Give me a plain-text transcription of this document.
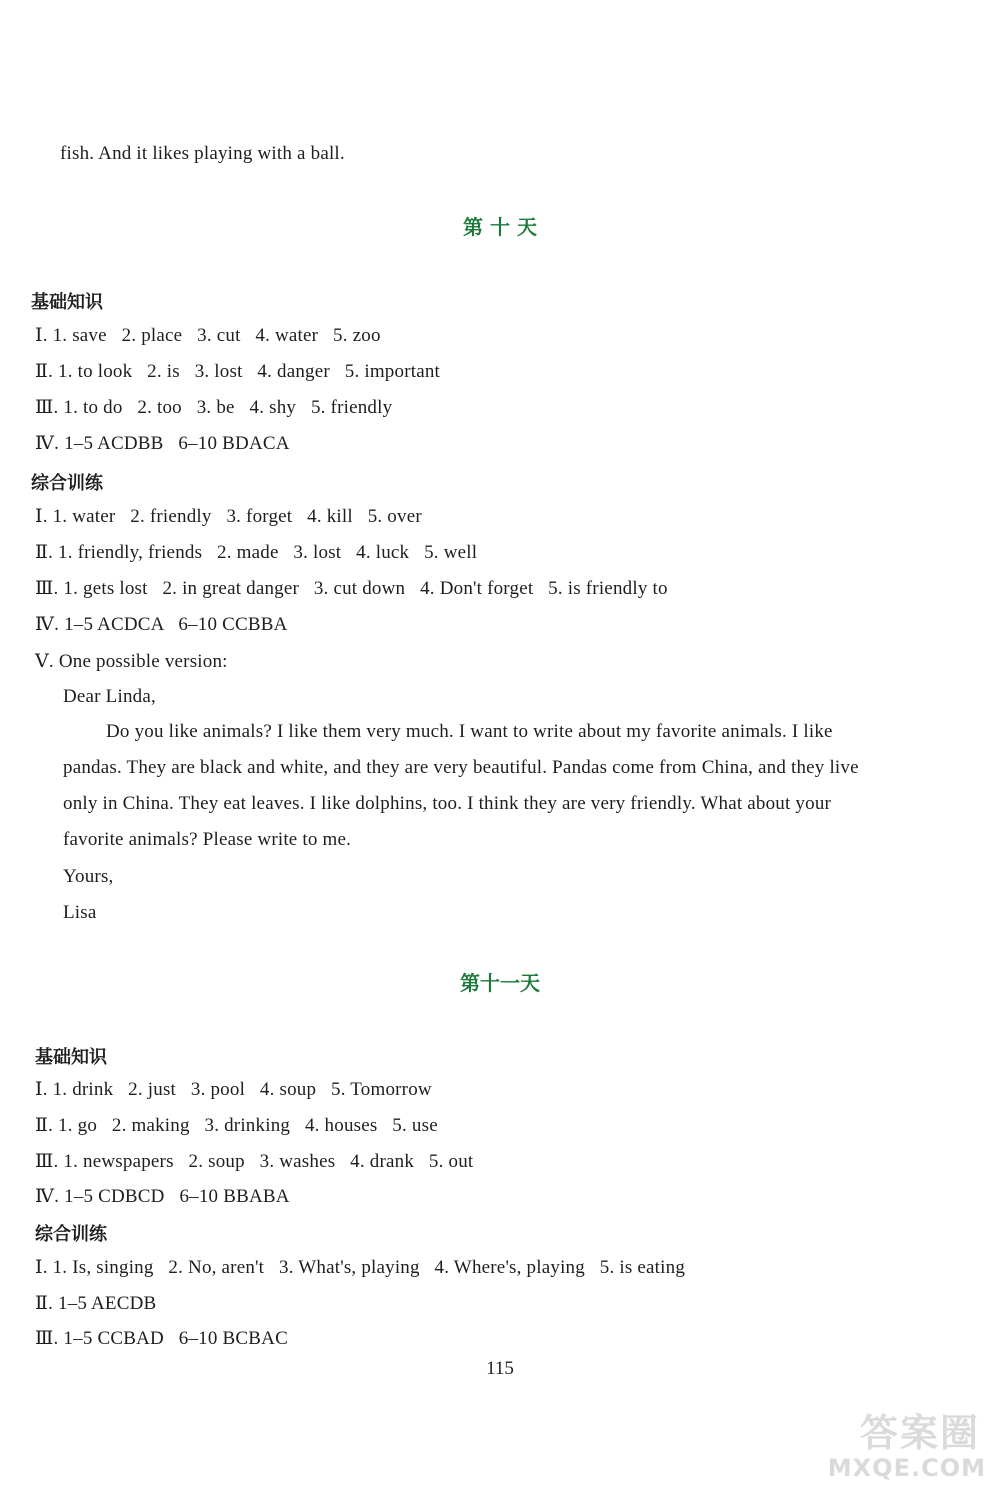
fish. And it likes playing with a ball.
第 十 天
基础知识
Ⅰ. 1. save   2. place   3. cut   4. water   5. zoo
Ⅱ. 1. to look   2. is   3. lost   4. danger   5. important
Ⅲ. 1. to do   2. too   3. be   4. shy   5. friendly
Ⅳ. 1–5 ACDBB   6–10 BDACA
综合训练
Ⅰ. 1. water   2. friendly   3. forget   4. kill   5. over
Ⅱ. 1. friendly, friends   2. made   3. lost   4. luck   5. well
Ⅲ. 1. gets lost   2. in great danger   3. cut down   4. Don't forget   5. is friendly to
Ⅳ. 1–5 ACDCA   6–10 CCBBA
Ⅴ. One possible version:
Dear Linda,
Do you like animals? I like them very much. I want to write about my favorite animals. I like
pandas. They are black and white, and they are very beautiful. Pandas come from China, and they live
only in China. They eat leaves. I like dolphins, too. I think they are very friendly. What about your
favorite animals? Please write to me.
Yours,
Lisa
第十一天
基础知识
Ⅰ. 1. drink   2. just   3. pool   4. soup   5. Tomorrow
Ⅱ. 1. go   2. making   3. drinking   4. houses   5. use
Ⅲ. 1. newspapers   2. soup   3. washes   4. drank   5. out
Ⅳ. 1–5 CDBCD   6–10 BBABA
综合训练
Ⅰ. 1. Is, singing   2. No, aren't   3. What's, playing   4. Where's, playing   5. is eating
Ⅱ. 1–5 AECDB
Ⅲ. 1–5 CCBAD   6–10 BCBAC
115
答案圈
MXQE.COM
